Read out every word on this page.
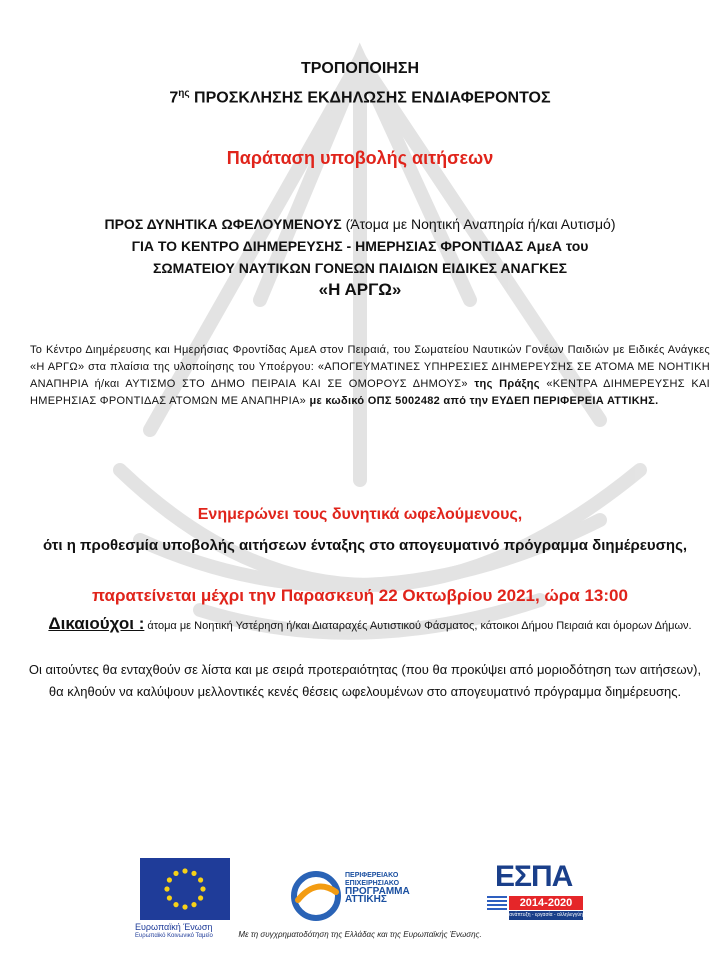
ΤΡΟΠΟΠΟΙΗΣΗ
$7^{\eta\varsigma}$ ΠΡΟΣΚΛΗΣΗΣ ΕΚΔΗΛΩΣΗΣ ΕΝΔΙΑΦΕΡΟΝΤΟΣ
Παράταση υποβολής αιτήσεων
ΠΡΟΣ ΔΥΝΗΤΙΚΑ ΩΦΕΛΟΥΜΕΝΟΥΣ (Άτομα με Νοητική Αναπηρία ή/και Αυτισμό)
ΓΙΑ ΤΟ ΚΕΝΤΡΟ ΔΙΗΜΕΡΕΥΣΗΣ - ΗΜΕΡΗΣΙΑΣ ΦΡΟΝΤΙΔΑΣ ΑμεΑ του
ΣΩΜΑΤΕΙΟΥ ΝΑΥΤΙΚΩΝ ΓΟΝΕΩΝ ΠΑΙΔΙΩΝ ΕΙΔΙΚΕΣ ΑΝΑΓΚΕΣ
«Η ΑΡΓΩ»
Το Κέντρο Διημέρευσης και Ημερήσιας Φροντίδας ΑμεΑ στον Πειραιά, του Σωματείου Ναυτικών Γονέων Παιδιών με Ειδικές Ανάγκες «Η ΑΡΓΩ» στα πλαίσια της υλοποίησης του Υποέργου: «ΑΠΟΓΕΥΜΑΤΙΝΕΣ ΥΠΗΡΕΣΙΕΣ ΔΙΗΜΕΡΕΥΣΗΣ ΣΕ ΑΤΟΜΑ ΜΕ ΝΟΗΤΙΚΗ ΑΝΑΠΗΡΙΑ ή/και ΑΥΤΙΣΜΟ ΣΤΟ ΔΗΜΟ ΠΕΙΡΑΙΑ ΚΑΙ ΣΕ ΟΜΟΡΟΥΣ ΔΗΜΟΥΣ» της Πράξης «ΚΕΝΤΡΑ ΔΙΗΜΕΡΕΥΣΗΣ ΚΑΙ ΗΜΕΡΗΣΙΑΣ ΦΡΟΝΤΙΔΑΣ ΑΤΟΜΩΝ ΜΕ ΑΝΑΠΗΡΙΑ» με κωδικό ΟΠΣ 5002482 από την ΕΥΔΕΠ ΠΕΡΙΦΕΡΕΙΑ ΑΤΤΙΚΗΣ.
Ενημερώνει τους δυνητικά ωφελούμενους,
ότι η προθεσμία υποβολής αιτήσεων ένταξης στο απογευματινό πρόγραμμα διημέρευσης,
παρατείνεται μέχρι την Παρασκευή 22 Οκτωβρίου 2021, ώρα 13:00
Δικαιούχοι : άτομα με Νοητική Υστέρηση ή/και Διαταραχές Αυτιστικού Φάσματος, κάτοικοι Δήμου Πειραιά και όμορων Δήμων.
Οι αιτούντες θα ενταχθούν σε λίστα και με σειρά προτεραιότητας (που θα προκύψει από μοριοδότηση των αιτήσεων), θα κληθούν να καλύψουν μελλοντικές κενές θέσεις ωφελουμένων στο απογευματινό πρόγραμμα διημέρευσης.
Ευρωπαϊκή Ένωση
Ευρωπαϊκό Κοινωνικό Ταμείο
ΠΕΡΙΦΕΡΕΙΑΚΟ
ΕΠΙΧΕΙΡΗΣΙΑΚΟ
ΠΡΟΓΡΑΜΜΑ
ΑΤΤΙΚΗΣ
ΕΣΠΑ
2014-2020
ανάπτυξη - εργασία - αλληλεγγύη
Με τη συγχρηματοδότηση της Ελλάδας και της Ευρωπαϊκής Ένωσης.
